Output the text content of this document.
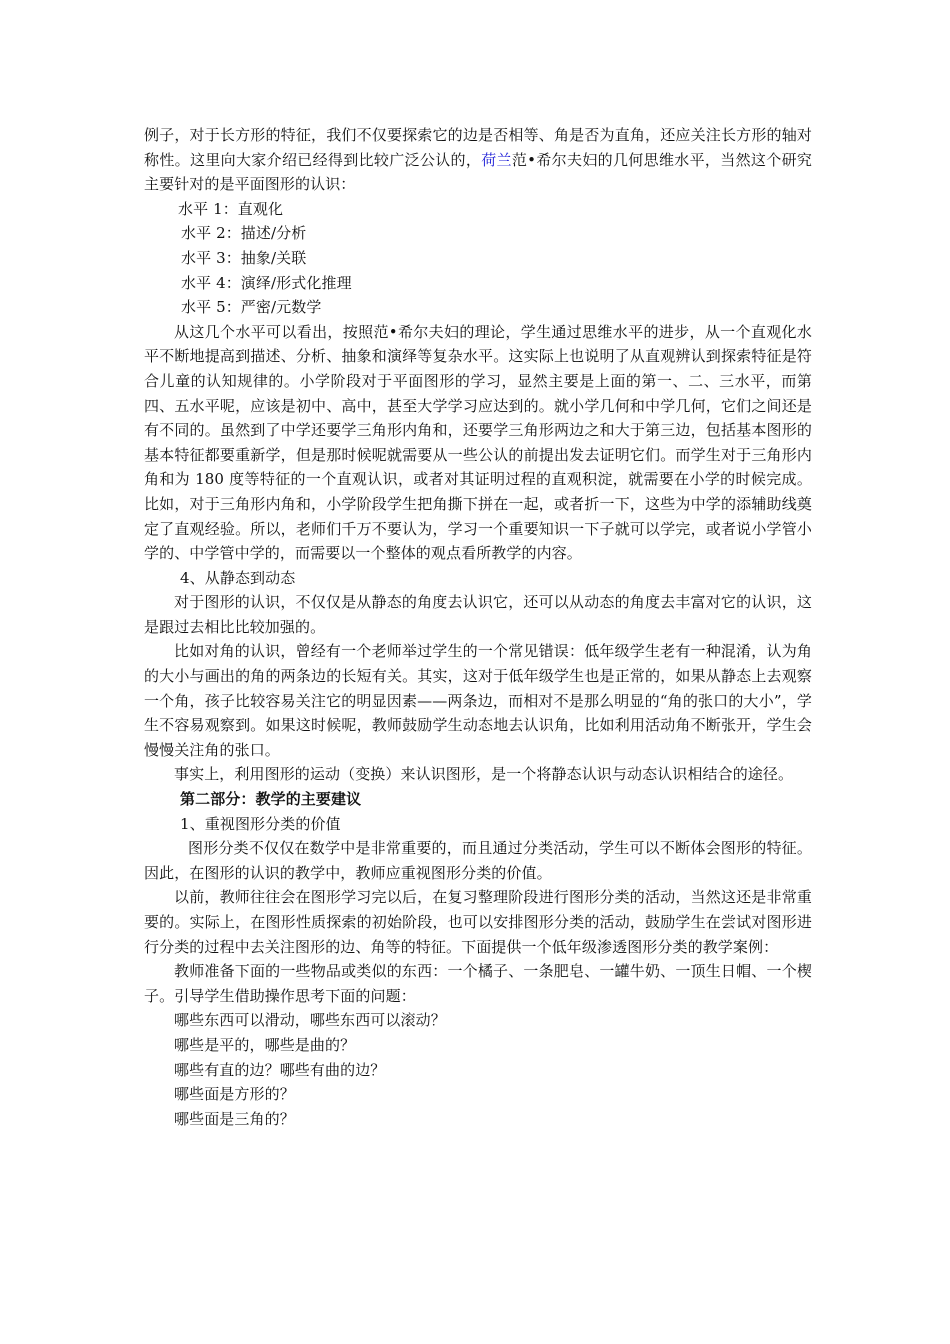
例子，对于长方形的特征，我们不仅要探索它的边是否相等、角是否为直角，还应关注长方形的轴对称性。这里向大家介绍已经得到比较广泛公认的，荷兰范•希尔夫妇的几何思维水平，当然这个研究主要针对的是平面图形的认识：

水平 1：直观化

水平 2：描述/分析

水平 3：抽象/关联

水平 4：演绎/形式化推理

水平 5：严密/元数学

从这几个水平可以看出，按照范•希尔夫妇的理论，学生通过思维水平的进步，从一个直观化水平不断地提高到描述、分析、抽象和演绎等复杂水平。这实际上也说明了从直观辨认到探索特征是符合儿童的认知规律的。小学阶段对于平面图形的学习，显然主要是上面的第一、二、三水平，而第四、五水平呢，应该是初中、高中，甚至大学学习应达到的。就小学几何和中学几何，它们之间还是有不同的。虽然到了中学还要学三角形内角和，还要学三角形两边之和大于第三边，包括基本图形的基本特征都要重新学，但是那时候呢就需要从一些公认的前提出发去证明它们。而学生对于三角形内角和为 180 度等特征的一个直观认识，或者对其证明过程的直观积淀，就需要在小学的时候完成。比如，对于三角形内角和，小学阶段学生把角撕下拼在一起，或者折一下，这些为中学的添辅助线奠定了直观经验。所以，老师们千万不要认为，学习一个重要知识一下子就可以学完，或者说小学管小学的、中学管中学的，而需要以一个整体的观点看所教学的内容。

4、从静态到动态

对于图形的认识，不仅仅是从静态的角度去认识它，还可以从动态的角度去丰富对它的认识，这是跟过去相比比较加强的。

比如对角的认识，曾经有一个老师举过学生的一个常见错误：低年级学生老有一种混淆，认为角的大小与画出的角的两条边的长短有关。其实，这对于低年级学生也是正常的，如果从静态上去观察一个角，孩子比较容易关注它的明显因素——两条边，而相对不是那么明显的“角的张口的大小”，学生不容易观察到。如果这时候呢，教师鼓励学生动态地去认识角，比如利用活动角不断张开，学生会慢慢关注角的张口。

事实上，利用图形的运动（变换）来认识图形，是一个将静态认识与动态认识相结合的途径。

第二部分：教学的主要建议

1、重视图形分类的价值

图形分类不仅仅在数学中是非常重要的，而且通过分类活动，学生可以不断体会图形的特征。因此，在图形的认识的教学中，教师应重视图形分类的价值。

以前，教师往往会在图形学习完以后，在复习整理阶段进行图形分类的活动，当然这还是非常重要的。实际上，在图形性质探索的初始阶段，也可以安排图形分类的活动，鼓励学生在尝试对图形进行分类的过程中去关注图形的边、角等的特征。下面提供一个低年级渗透图形分类的教学案例：

教师准备下面的一些物品或类似的东西：一个橘子、一条肥皂、一罐牛奶、一顶生日帽、一个楔子。引导学生借助操作思考下面的问题：

哪些东西可以滑动，哪些东西可以滚动？

哪些是平的，哪些是曲的？

哪些有直的边？哪些有曲的边？

哪些面是方形的？

哪些面是三角的？
